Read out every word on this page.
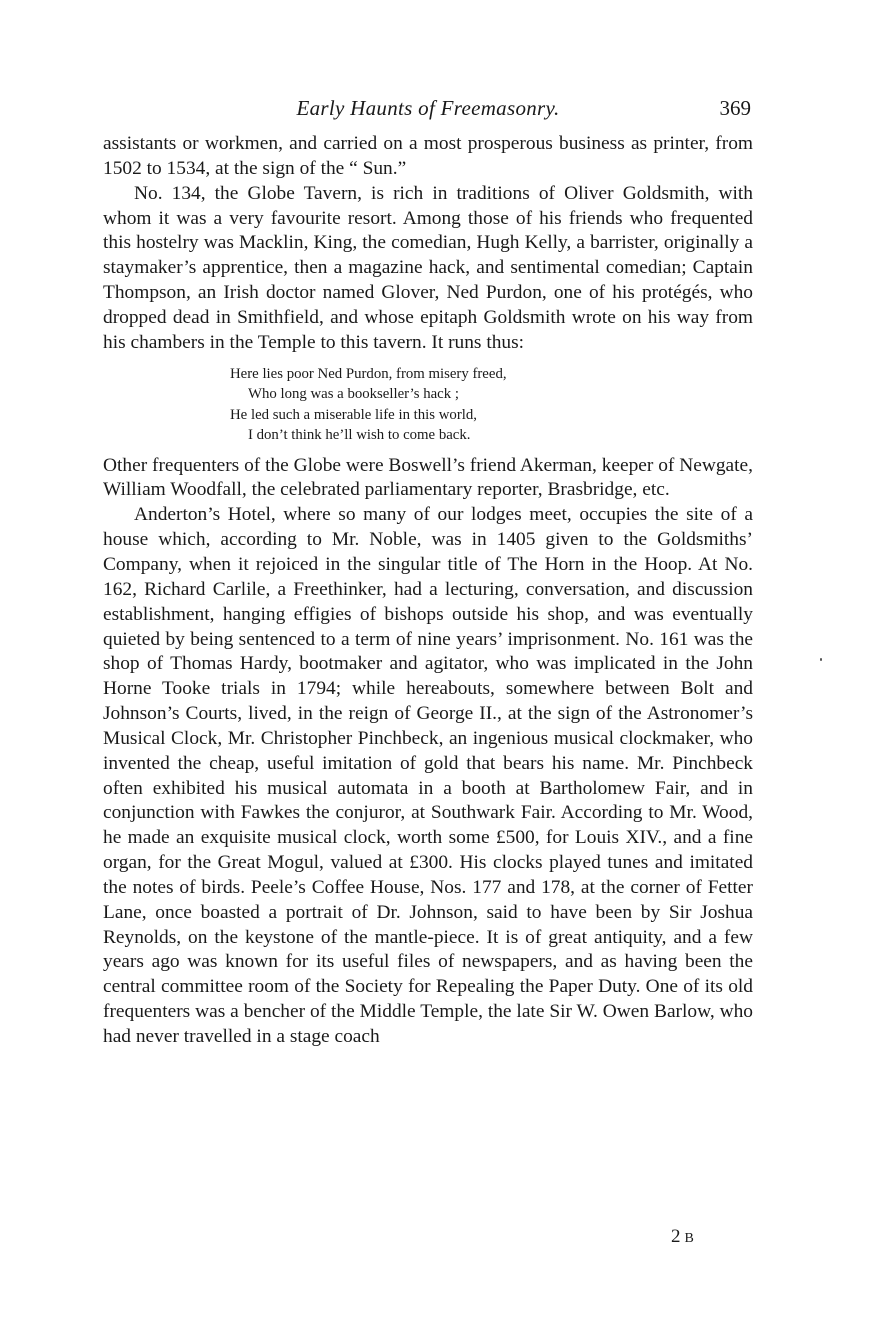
Early Haunts of Freemasonry.	369

assistants or workmen, and carried on a most prosperous business as printer, from 1502 to 1534, at the sign of the “ Sun.”

No. 134, the Globe Tavern, is rich in traditions of Oliver Goldsmith, with whom it was a very favourite resort. Among those of his friends who frequented this hostelry was Macklin, King, the comedian, Hugh Kelly, a barrister, originally a staymaker’s apprentice, then a magazine hack, and sentimental comedian; Captain Thompson, an Irish doctor named Glover, Ned Purdon, one of his protégés, who dropped dead in Smithfield, and whose epitaph Goldsmith wrote on his way from his chambers in the Temple to this tavern. It runs thus:

Here lies poor Ned Purdon, from misery freed,
Who long was a bookseller’s hack ;
He led such a miserable life in this world,
I don’t think he’ll wish to come back.

Other frequenters of the Globe were Boswell’s friend Akerman, keeper of Newgate, William Woodfall, the celebrated parliamentary reporter, Brasbridge, etc.

Anderton’s Hotel, where so many of our lodges meet, occupies the site of a house which, according to Mr. Noble, was in 1405 given to the Goldsmiths’ Company, when it rejoiced in the singular title of The Horn in the Hoop. At No. 162, Richard Carlile, a Freethinker, had a lecturing, conversation, and discussion establishment, hanging effigies of bishops outside his shop, and was eventually quieted by being sentenced to a term of nine years’ imprisonment. No. 161 was the shop of Thomas Hardy, bootmaker and agitator, who was implicated in the John Horne Tooke trials in 1794; while hereabouts, somewhere between Bolt and Johnson’s Courts, lived, in the reign of George II., at the sign of the Astronomer’s Musical Clock, Mr. Christopher Pinchbeck, an ingenious musical clockmaker, who invented the cheap, useful imitation of gold that bears his name. Mr. Pinchbeck often exhibited his musical automata in a booth at Bartholomew Fair, and in conjunction with Fawkes the conjuror, at Southwark Fair. According to Mr. Wood, he made an exquisite musical clock, worth some £500, for Louis XIV., and a fine organ, for the Great Mogul, valued at £300. His clocks played tunes and imitated the notes of birds. Peele’s Coffee House, Nos. 177 and 178, at the corner of Fetter Lane, once boasted a portrait of Dr. Johnson, said to have been by Sir Joshua Reynolds, on the keystone of the mantle-piece. It is of great antiquity, and a few years ago was known for its useful files of newspapers, and as having been the central committee room of the Society for Repealing the Paper Duty. One of its old frequenters was a bencher of the Middle Temple, the late Sir W. Owen Barlow, who had never travelled in a stage coach

2B
